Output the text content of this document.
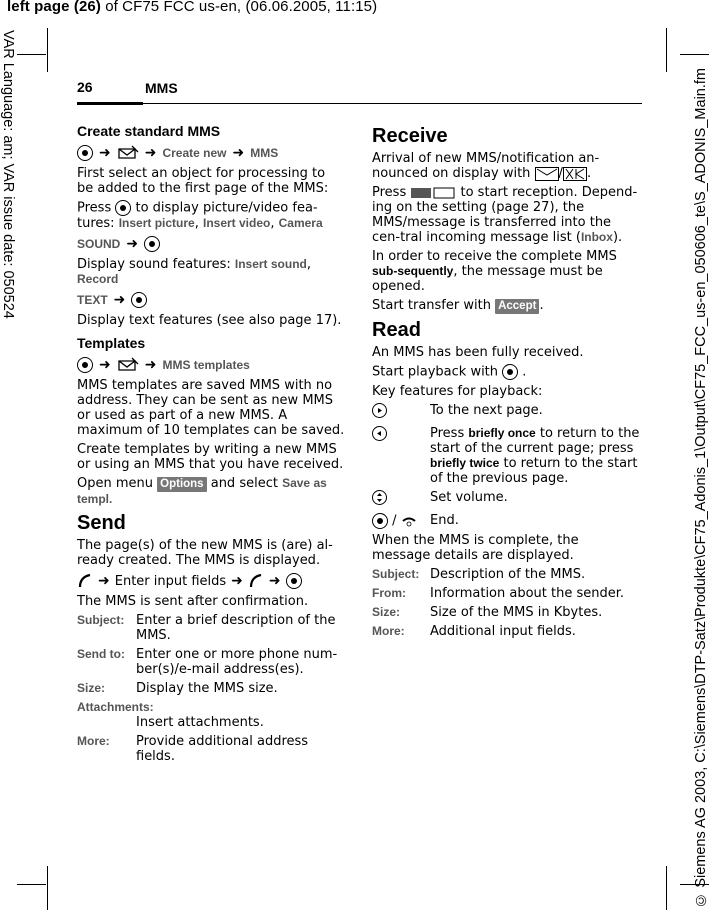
left page (26) of CF75 FCC us-en, (06.06.2005, 11:15)
VAR Language: am; VAR issue date: 050524	© Siemens AG 2003, C:\Siemens\DTP-Satz\Produkte\CF75_Adonis_1\Output\CF75_FCC_us-en_050606_te\S_ADONIS_Main.fm
26	MMS
Create standard MMS
➜ ➜ Create new ➜ MMS

First select an object for processing to be added to the first page of the MMS:

Press  to display picture/video fea-tures: Insert picture, Insert video, Camera

SOUND ➜

Display sound features: Insert sound, Record

TEXT ➜

Display text features (see also page 17).

Templates
➜ ➜ MMS templates

MMS templates are saved MMS with no address. They can be sent as new MMS or used as part of a new MMS. A maximum of 10 templates can be saved.

Create templates by writing a new MMS or using an MMS that you have received.

Open menu Options and select Save as templ.

Send

The page(s) of the new MMS is (are) al-ready created. The MMS is displayed.

➜ Enter input fields ➜ ➜

The MMS is sent after confirmation.

Subject: Enter a brief description of the MMS.
Send to: Enter one or more phone num-ber(s)/e-mail address(es).
Size:	Display the MMS size.
Attachments:
Insert attachments.
More:	Provide additional address fields.
Receive

Arrival of new MMS/notification an-nounced on display with
/ .

Press	to start reception. Depend-ing on the setting (page 27), the MMS/message is transferred into the cen-tral incoming message list (Inbox).

In order to receive the complete MMS sub-sequently, the message must be opened.

Start transfer with Accept .

Read

An MMS has been fully received.

Start playback with  .

Key features for playback:

To the next page.
Press briefly once to return to the start of the current page; press briefly twice to return to the start of the previous page.
Set volume.
/	End.

When the MMS is complete, the message details are displayed.

Subject: Description of the MMS.
From:	Information about the sender.
Size:	Size of the MMS in Kbytes.
More:	Additional input fields.
